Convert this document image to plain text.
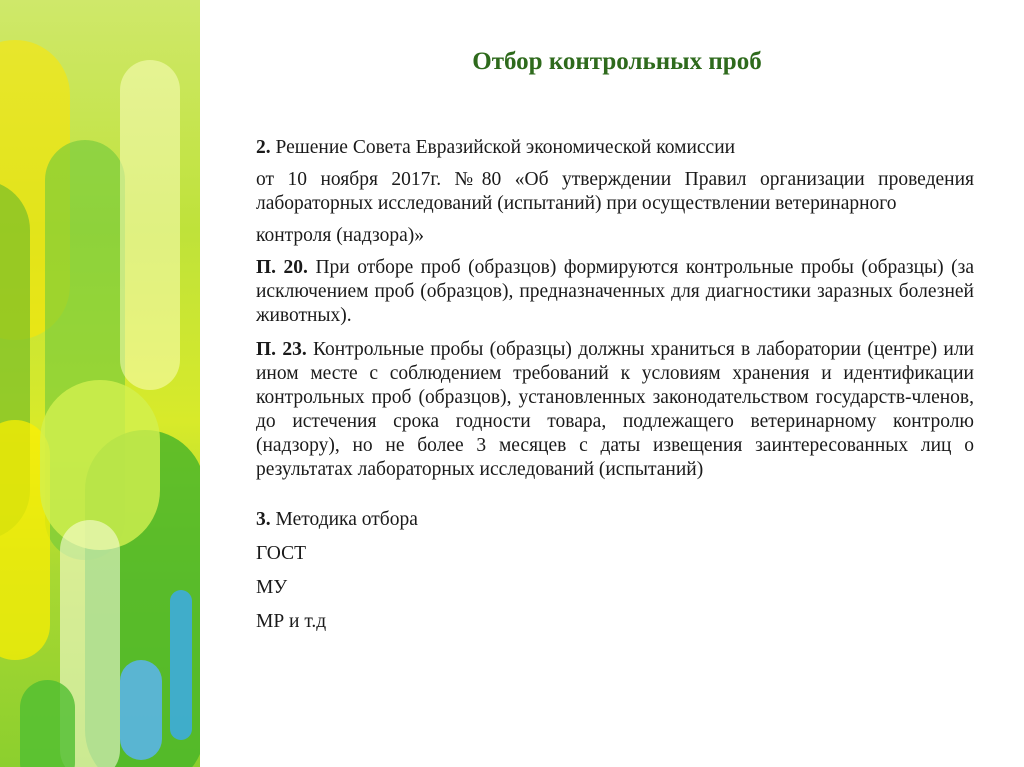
Отбор контрольных проб

2. Решение Совета Евразийской экономической комиссии

от 10 ноября 2017г. №80 «Об утверждении Правил организации проведения лабораторных исследований (испытаний) при осуществлении ветеринарного

контроля (надзора)»

П. 20. При отборе проб (образцов) формируются контрольные пробы (образцы) (за исключением проб (образцов), предназначенных для диагностики заразных болезней животных).

П. 23. Контрольные пробы (образцы) должны храниться в лаборатории (центре) или ином месте с соблюдением требований к условиям хранения и идентификации контрольных проб (образцов), установленных законодательством государств-членов, до истечения срока годности товара, подлежащего ветеринарному контролю (надзору), но не более 3 месяцев с даты извещения заинтересованных лиц о результатах лабораторных исследований (испытаний)

3. Методика отбора

ГОСТ

МУ

МР и т.д
